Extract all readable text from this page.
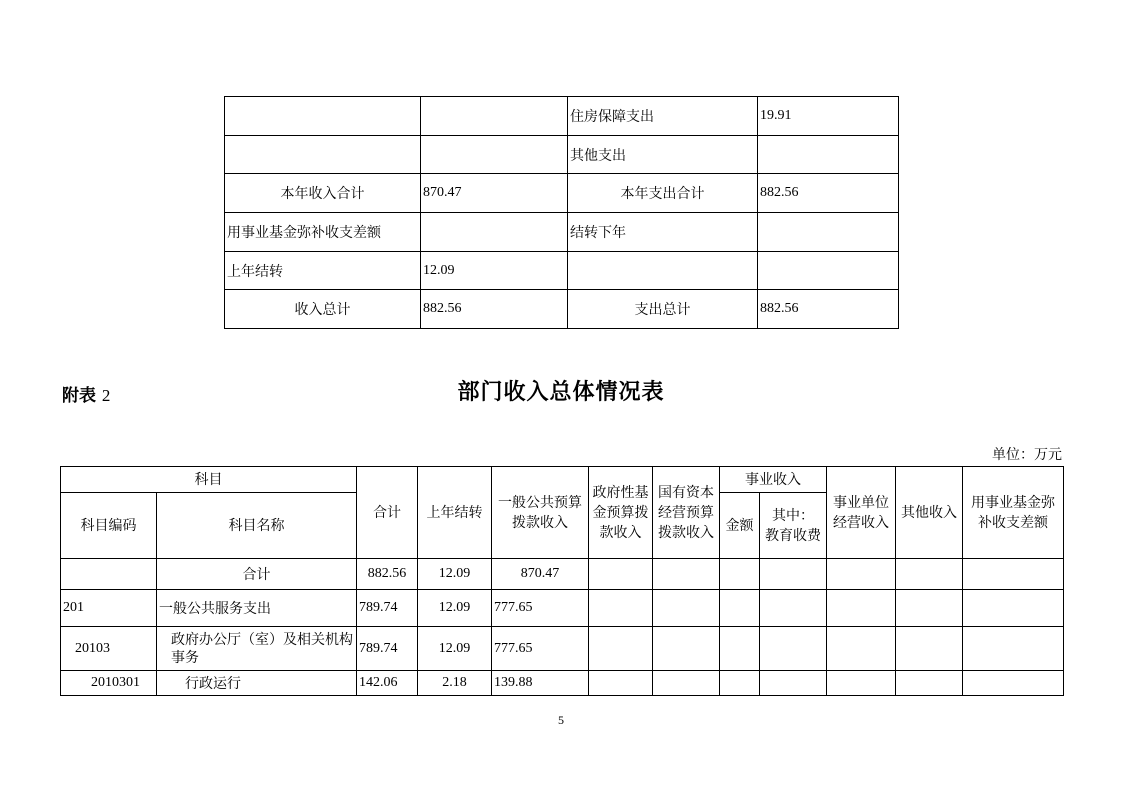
		住房保障支出	19.91
		其他支出	
本年收入合计	870.47	本年支出合计	882.56
用事业基金弥补收支差额		结转下年	
上年结转	12.09		
收入总计	882.56	支出总计	882.56
附表 2	部门收入总体情况表
单位：万元
科目		合计	上年结转	一般公共预算拨款收入	政府性基金预算拨款收入	国有资本经营预算拨款收入	事业收入		事业单位经营收入	其他收入	用事业基金弥补收支差额
科目编码	科目名称						金额	其中：
教育收费			

	合计	882.56	12.09	870.47							
201	一般公共服务支出	789.74	12.09	777.65							
20103	政府办公厅（室）及相关机构事务	789.74	12.09	777.65							
2010301	行政运行	142.06	2.18	139.88							
5
